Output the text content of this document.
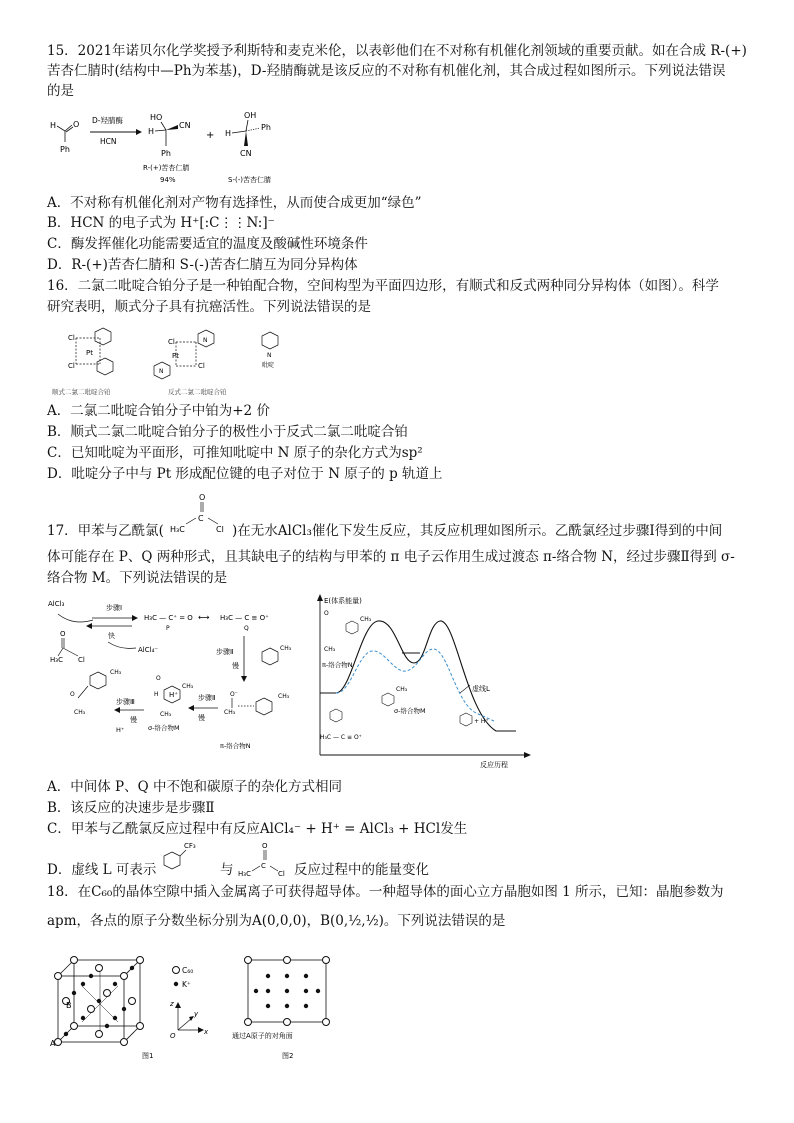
15．2021年诺贝尔化学奖授予利斯特和麦克米伦，以表彰他们在不对称有机催化剂领域的重要贡献。如在合成 R-(+)
苦杏仁腈时(结构中—Ph为苯基)，D-羟腈酶就是该反应的不对称有机催化剂，其合成过程如图所示。下列说法错误
的是
H O
Ph
D-羟腈酶
HCN
HO
H
CN
Ph
R-(+)苦杏仁腈
94%
+
OH
H
Ph
CN
S-(-)苦杏仁腈
A．不对称有机催化剂对产物有选择性，从而使合成更加“绿色”
B．HCN 的电子式为 H⁺[:C⋮⋮N:]⁻
C．酶发挥催化功能需要适宜的温度及酸碱性环境条件
D．R-(+)苦杏仁腈和 S-(-)苦杏仁腈互为同分异构体
16．二氯二吡啶合铂分子是一种铂配合物，空间构型为平面四边形，有顺式和反式两种同分异构体（如图）。科学
研究表明，顺式分子具有抗癌活性。下列说法错误的是
Cl
Cl
Pt
Cl
Pt
Cl
N
N
N
吡啶
顺式二氯二吡啶合铂	反式二氯二吡啶合铂
A．二氯二吡啶合铂分子中铂为+2 价
B．顺式二氯二吡啶合铂分子的极性小于反式二氯二吡啶合铂
C．已知吡啶为平面形，可推知吡啶中 N 原子的杂化方式为sp²
D．吡啶分子中与 Pt 形成配位键的电子对位于 N 原子的 p 轨道上
17．甲苯与乙酰氯(
O
C
H₃C	Cl )在无水AlCl₃催化下发生反应，其反应机理如图所示。乙酰氯经过步骤Ⅰ得到的中间
体可能存在 P、Q 两种形式，且其缺电子的结构与甲苯的 π 电子云作用生成过渡态 π-络合物 N，经过步骤Ⅱ得到 σ-
络合物 M。下列说法错误的是
AlCl₃	步骤Ⅰ
快
AlCl₄⁻
O
H₃C Cl
H₃C — C⁺ = O
P
⟷ H₃C — C ≡ O⁺
Q
步骤Ⅱ
慢
CH₃
O⁻
CH₃
CH₃
π-络合物N
步骤Ⅱ
慢
H⁺
H
CH₃
O
CH₃
σ-络合物M
步骤Ⅲ
慢
H⁺
CH₃
O
CH₃
E(体系能量)
反应历程
O
CH₃
CH₃
π-络合物N
CH₃
σ-络合物M
虚线L
H₃C — C ≡ O⁺
+ H⁺
A．中间体 P、Q 中不饱和碳原子的杂化方式相同
B．该反应的决速步是步骤Ⅱ
C．甲苯与乙酰氯反应过程中有反应AlCl₄⁻ + H⁺ = AlCl₃ + HCl发生
D．虚线 L 可表示
CF₃
与
O
C
H₃C	Cl 反应过程中的能量变化
18．在C₆₀的晶体空隙中插入金属离子可获得超导体。一种超导体的面心立方晶胞如图 1 所示，已知：晶胞参数为
apm，各点的原子分数坐标分别为A(0,0,0)，B(0,½,½)。下列说法错误的是
A
B
C₆₀
K⁺
z
y
x
O
图1
通过A原子的对角面
图2
